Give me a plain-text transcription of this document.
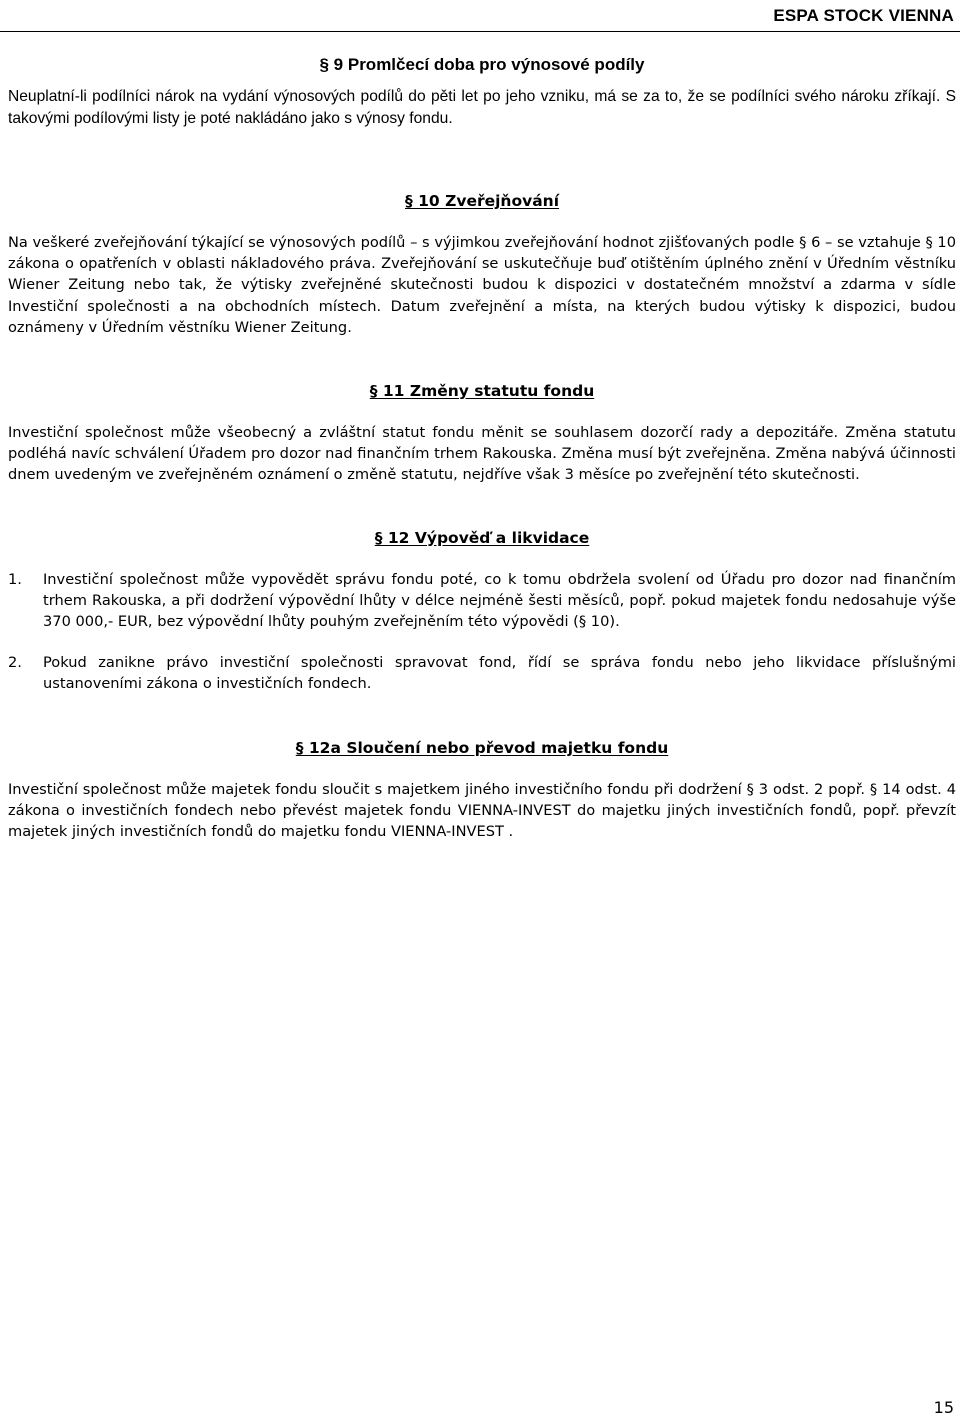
ESPA STOCK VIENNA
§ 9 Promlčecí doba pro výnosové podíly

Neuplatní-li podílníci nárok na vydání výnosových podílů do pěti let po jeho vzniku, má se za to, že se podílníci svého nároku zříkají. S takovými podílovými listy je poté nakládáno jako s výnosy fondu.

§ 10 Zveřejňování

Na veškeré zveřejňování týkající se výnosových podílů – s výjimkou zveřejňování hodnot zjišťovaných podle § 6 – se vztahuje § 10 zákona o opatřeních v oblasti nákladového práva. Zveřejňování se uskutečňuje buď otištěním úplného znění v Úředním věstníku Wiener Zeitung nebo tak, že výtisky zveřejněné skutečnosti budou k dispozici v dostatečném množství a zdarma v sídle Investiční společnosti a na obchodních místech. Datum zveřejnění a místa, na kterých budou výtisky k dispozici, budou oznámeny v Úředním věstníku Wiener Zeitung.

§ 11 Změny statutu fondu

Investiční společnost může všeobecný a zvláštní statut fondu měnit se souhlasem dozorčí rady a depozitáře. Změna statutu podléhá navíc schválení Úřadem pro dozor nad finančním trhem Rakouska. Změna musí být zveřejněna. Změna nabývá účinnosti dnem uvedeným ve zveřejněném oznámení o změně statutu, nejdříve však 3 měsíce po zveřejnění této skutečnosti.

§ 12 Výpověď a likvidace
1.	Investiční společnost může vypovědět správu fondu poté, co k tomu obdržela svolení od Úřadu pro dozor nad finančním trhem Rakouska, a při dodržení výpovědní lhůty v délce nejméně šesti měsíců, popř. pokud majetek fondu nedosahuje výše 370 000,- EUR, bez výpovědní lhůty pouhým zveřejněním této výpovědi (§ 10).

2.	Pokud zanikne právo investiční společnosti spravovat fond, řídí se správa fondu nebo jeho likvidace příslušnými ustanoveními zákona o investičních fondech.

§ 12a Sloučení nebo převod majetku fondu

Investiční společnost může majetek fondu sloučit s majetkem jiného investičního fondu při dodržení § 3 odst. 2 popř. § 14 odst. 4 zákona o investičních fondech nebo převést majetek fondu VIENNA-INVEST do majetku jiných investičních fondů, popř. převzít majetek jiných investičních fondů do majetku fondu VIENNA-INVEST .

15
